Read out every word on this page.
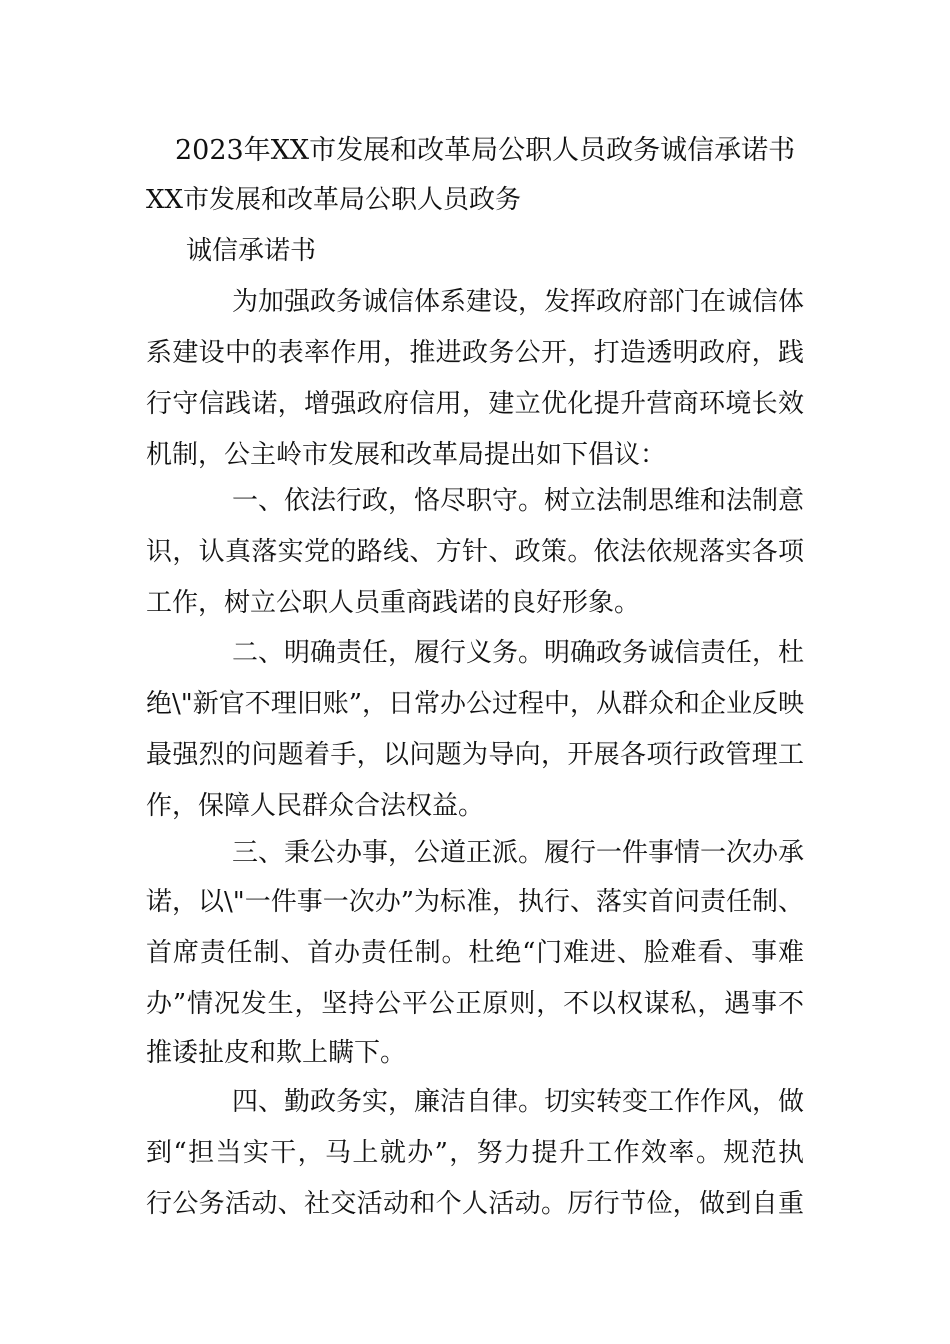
2023年XX市发展和改革局公职人员政务诚信承诺书
XX市发展和改革局公职人员政务
诚信承诺书
为加强政务诚信体系建设，发挥政府部门在诚信体
系建设中的表率作用，推进政务公开，打造透明政府，践
行守信践诺，增强政府信用，建立优化提升营商环境长效
机制，公主岭市发展和改革局提出如下倡议：
一、依法行政，恪尽职守。树立法制思维和法制意
识，认真落实党的路线、方针、政策。依法依规落实各项
工作，树立公职人员重商践诺的良好形象。
二、明确责任，履行义务。明确政务诚信责任，杜
绝\"新官不理旧账”，日常办公过程中，从群众和企业反映
最强烈的问题着手，以问题为导向，开展各项行政管理工
作，保障人民群众合法权益。
三、秉公办事，公道正派。履行一件事情一次办承
诺，以\"一件事一次办”为标准，执行、落实首问责任制、
首席责任制、首办责任制。杜绝“门难进、脸难看、事难
办”情况发生，坚持公平公正原则，不以权谋私，遇事不
推诿扯皮和欺上瞒下。
四、勤政务实，廉洁自律。切实转变工作作风，做
到“担当实干，马上就办”，努力提升工作效率。规范执
行公务活动、社交活动和个人活动。厉行节俭，做到自重
